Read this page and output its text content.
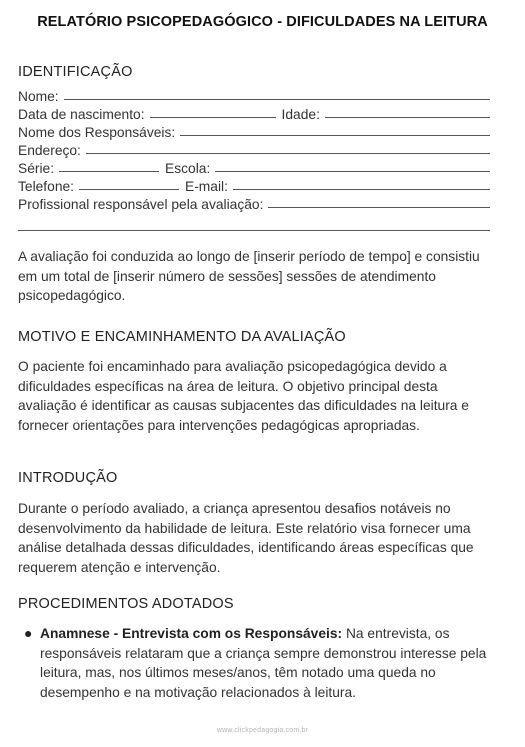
RELATÓRIO PSICOPEDAGÓGICO - DIFICULDADES NA LEITURA
IDENTIFICAÇÃO
Nome:
Data de nascimento:	Idade:
Nome dos Responsáveis:
Endereço:
Série:	Escola:
Telefone:	E-mail:
Profissional responsável pela avaliação:
A avaliação foi conduzida ao longo de [inserir período de tempo] e consistiu em um total de [inserir número de sessões] sessões de atendimento psicopedagógico.
MOTIVO E ENCAMINHAMENTO DA AVALIAÇÃO
O paciente foi encaminhado para avaliação psicopedagógica devido a dificuldades específicas na área de leitura. O objetivo principal desta avaliação é identificar as causas subjacentes das dificuldades na leitura e fornecer orientações para intervenções pedagógicas apropriadas.
INTRODUÇÃO
Durante o período avaliado, a criança apresentou desafios notáveis no desenvolvimento da habilidade de leitura. Este relatório visa fornecer uma análise detalhada dessas dificuldades, identificando áreas específicas que requerem atenção e intervenção.
PROCEDIMENTOS ADOTADOS
● Anamnese - Entrevista com os Responsáveis: Na entrevista, os responsáveis relataram que a criança sempre demonstrou interesse pela leitura, mas, nos últimos meses/anos, têm notado uma queda no desempenho e na motivação relacionados à leitura.
www.clickpedagogia.com.br
